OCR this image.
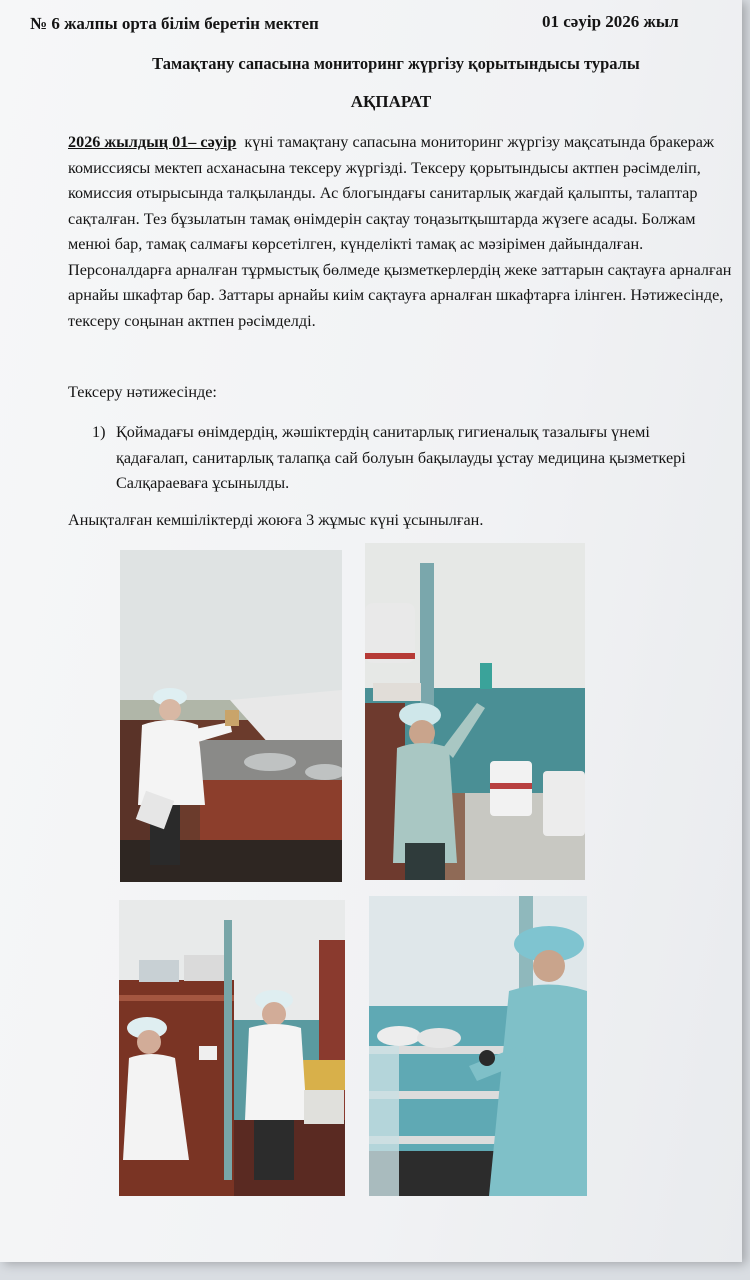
№ 6 жалпы орта білім беретін мектеп	01 сәуір 2026 жыл
Тамақтану сапасына мониторинг жүргізу қорытындысы туралы
АҚПАРАТ
2026 жылдың 01– сәуір күні тамақтану сапасына мониторинг жүргізу мақсатында бракераж комиссиясы мектеп асханасына тексеру жүргізді. Тексеру қорытындысы актпен рәсімделіп, комиссия отырысында талқыланды. Ас блогындағы санитарлық жағдай қалыпты, талаптар сақталған. Тез бұзылатын тамақ өнімдерін сақтау тоңазытқыштарда жүзеге асады. Болжам менюі бар, тамақ салмағы көрсетілген, күнделікті тамақ ас мәзірімен дайындалған. Персоналдарға арналған тұрмыстық бөлмеде қызметкерлердің жеке заттарын сақтауға арналған арнайы шкафтар бар. Заттары арнайы киім сақтауға арналған шкафтарға ілінген. Нәтижесінде, тексеру соңынан актпен рәсімделді.
Тексеру нәтижесінде:
1) Қоймадағы өнімдердің, жәшіктердің санитарлық гигиеналық тазалығы үнемі қадағалап, санитарлық талапқа сай болуын бақылауды ұстау медицина қызметкері Салқараеваға ұсынылды.
Анықталған кемшіліктерді жоюға 3 жұмыс күні ұсынылған.
